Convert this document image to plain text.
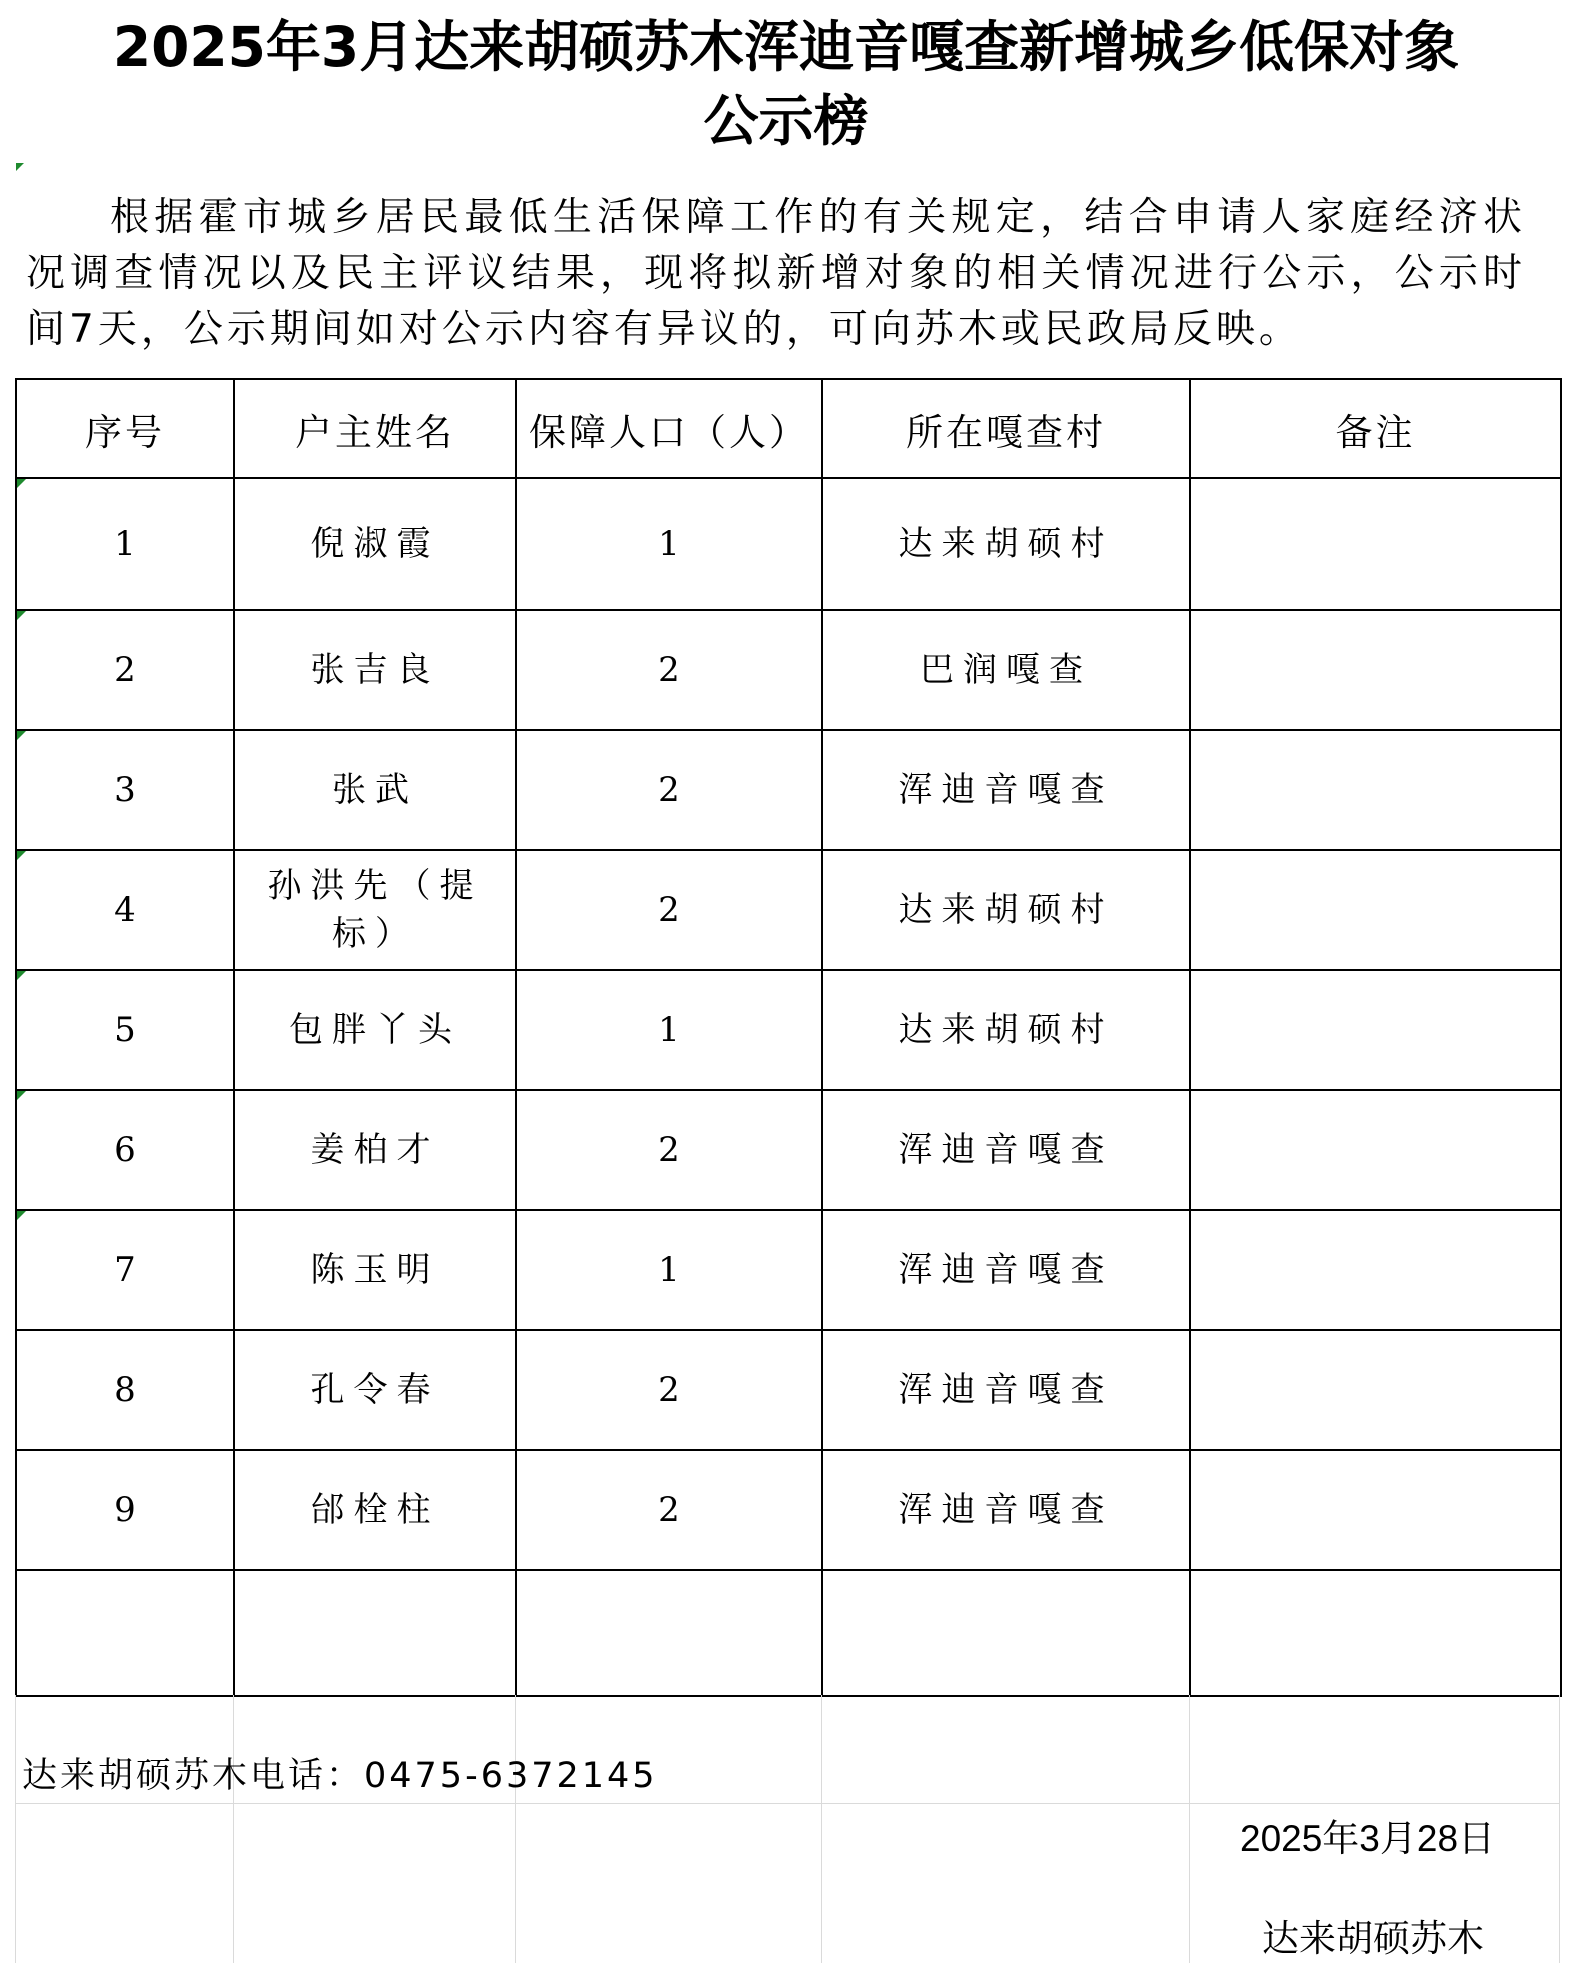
2025年3月达来胡硕苏木浑迪音嘎查新增城乡低保对象
公示榜
根据霍市城乡居民最低生活保障工作的有关规定，结合申请人家庭经济状况调查情况以及民主评议结果，现将拟新增对象的相关情况进行公示，公示时间7天，公示期间如对公示内容有异议的，可向苏木或民政局反映。
序号	户主姓名	保障人口（人）	所在嘎查村	备注

1	倪淑霞	1	达来胡硕村	

2	张吉良	2	巴润嘎查	

3	张武	2	浑迪音嘎查	

4	孙洪先（提标）	2	达来胡硕村	

5	包胖丫头	1	达来胡硕村	

6	姜柏才	2	浑迪音嘎查	

7	陈玉明	1	浑迪音嘎查	
8	孔令春	2	浑迪音嘎查	
9	邰栓柱	2	浑迪音嘎查	

达来胡硕苏木电话：0475-6372145
2025年3月28日
达来胡硕苏木
